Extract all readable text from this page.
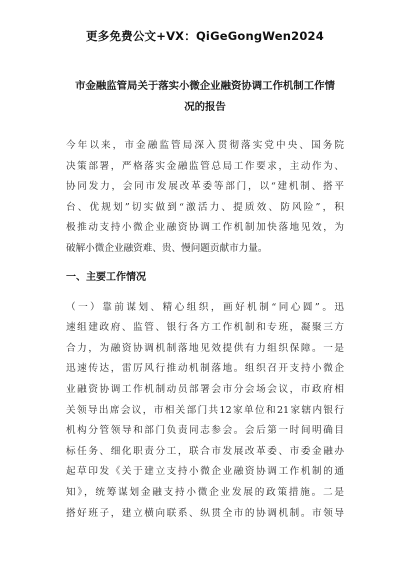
更多免费公文+VX：QiGeGongWen2024
市金融监管局关于落实小微企业融资协调工作机制工作情
况的报告
今年以来，市金融监管局深入贯彻落实党中央、国务院
决策部署，严格落实金融监管总局工作要求，主动作为、
协同发力，会同市发展改革委等部门，以“建机制、搭平
台、优规划”切实做到“激活力、提质效、防风险”，积
极推动支持小微企业融资协调工作机制加快落地见效，为
破解小微企业融资难、贵、慢问题贡献市力量。
一、主要工作情况
（一）靠前谋划、精心组织，画好机制“同心圆”。迅
速组建政府、监管、银行各方工作机制和专班，凝聚三方
合力，为融资协调机制落地见效提供有力组织保障。一是
迅速传达，雷厉风行推动机制落地。组织召开支持小微企
业融资协调工作机制动员部署会市分会场会议，市政府相
关领导出席会议，市相关部门共12家单位和21家辖内银行
机构分管领导和部门负责同志参会。会后第一时间明确目
标任务、细化职责分工，联合市发展改革委、市委金融办
起草印发《关于建立支持小微企业融资协调工作机制的通
知》，统筹谋划金融支持小微企业发展的政策措施。二是
搭好班子，建立横向联系、纵贯全市的协调机制。市领导
